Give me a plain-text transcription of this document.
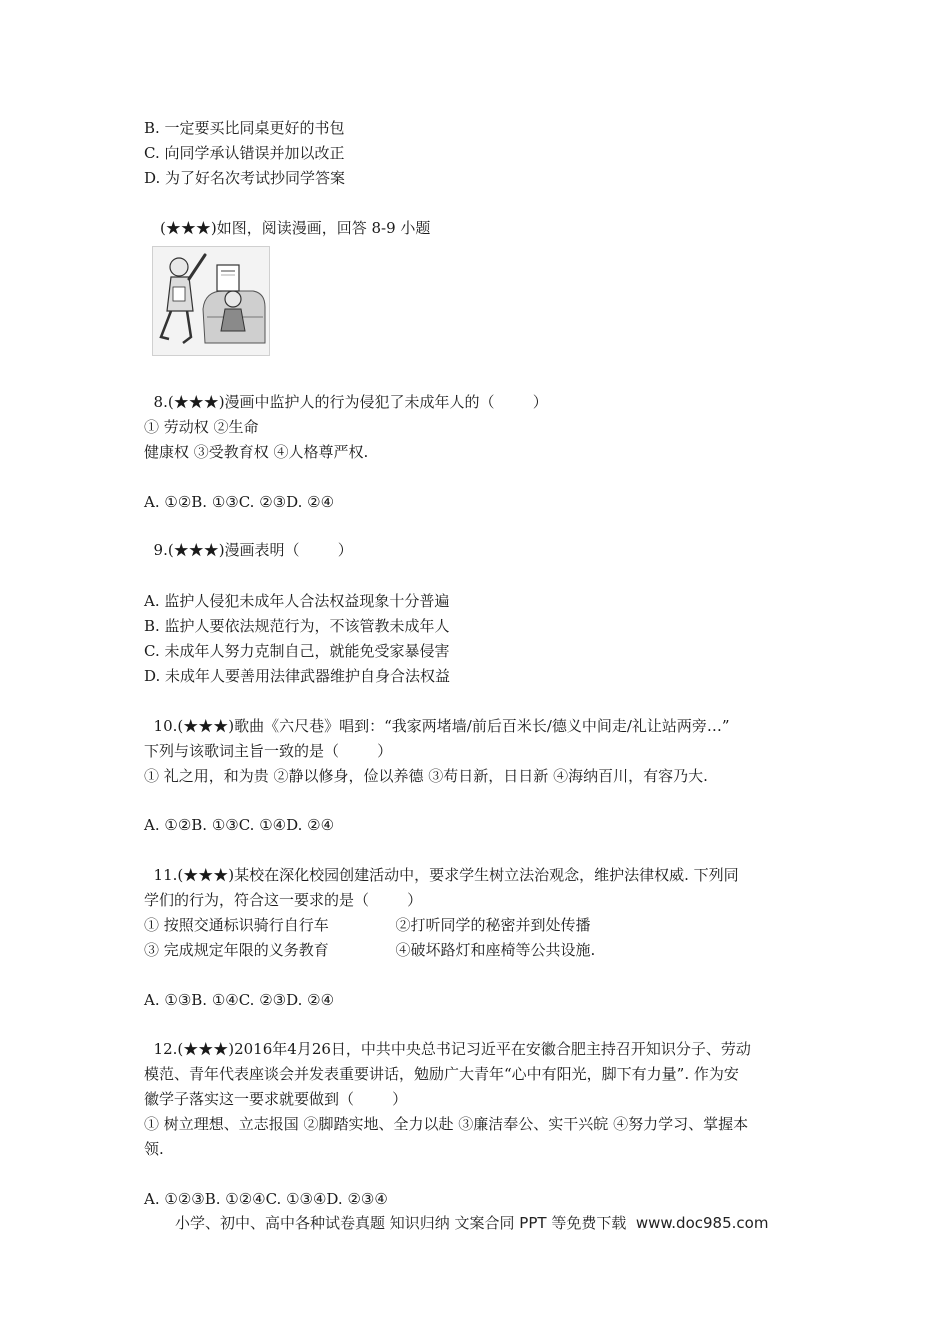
B. 一定要买比同桌更好的书包
C. 向同学承认错误并加以改正
D. 为了好名次考试抄同学答案
(★★★)如图，阅读漫画，回答 8-9 小题
8.(★★★)漫画中监护人的行为侵犯了未成年人的（        ）
① 劳动权 ②生命
健康权 ③受教育权 ④人格尊严权.
A. ①②B. ①③C. ②③D. ②④
9.(★★★)漫画表明（        ）
A. 监护人侵犯未成年人合法权益现象十分普遍
B. 监护人要依法规范行为，不该管教未成年人
C. 未成年人努力克制自己，就能免受家暴侵害
D. 未成年人要善用法律武器维护自身合法权益
10.(★★★)歌曲《六尺巷》唱到：“我家两堵墙/前后百米长/德义中间走/礼让站两旁…”
下列与该歌词主旨一致的是（        ）
① 礼之用，和为贵 ②静以修身，俭以养德 ③苟日新，日日新 ④海纳百川，有容乃大.
A. ①②B. ①③C. ①④D. ②④
11.(★★★)某校在深化校园创建活动中，要求学生树立法治观念，维护法律权威. 下列同
学们的行为，符合这一要求的是（        ）
① 按照交通标识骑行自行车              ②打听同学的秘密并到处传播
③ 完成规定年限的义务教育              ④破坏路灯和座椅等公共设施.
A. ①③B. ①④C. ②③D. ②④
12.(★★★)2016年4月26日，中共中央总书记习近平在安徽合肥主持召开知识分子、劳动
模范、青年代表座谈会并发表重要讲话，勉励广大青年“心中有阳光，脚下有力量”. 作为安
徽学子落实这一要求就要做到（        ）
① 树立理想、立志报国 ②脚踏实地、全力以赴 ③廉洁奉公、实干兴皖 ④努力学习、掌握本
领.
A. ①②③B. ①②④C. ①③④D. ②③④
小学、初中、高中各种试卷真题 知识归纳 文案合同 PPT 等免费下载  www.doc985.com
